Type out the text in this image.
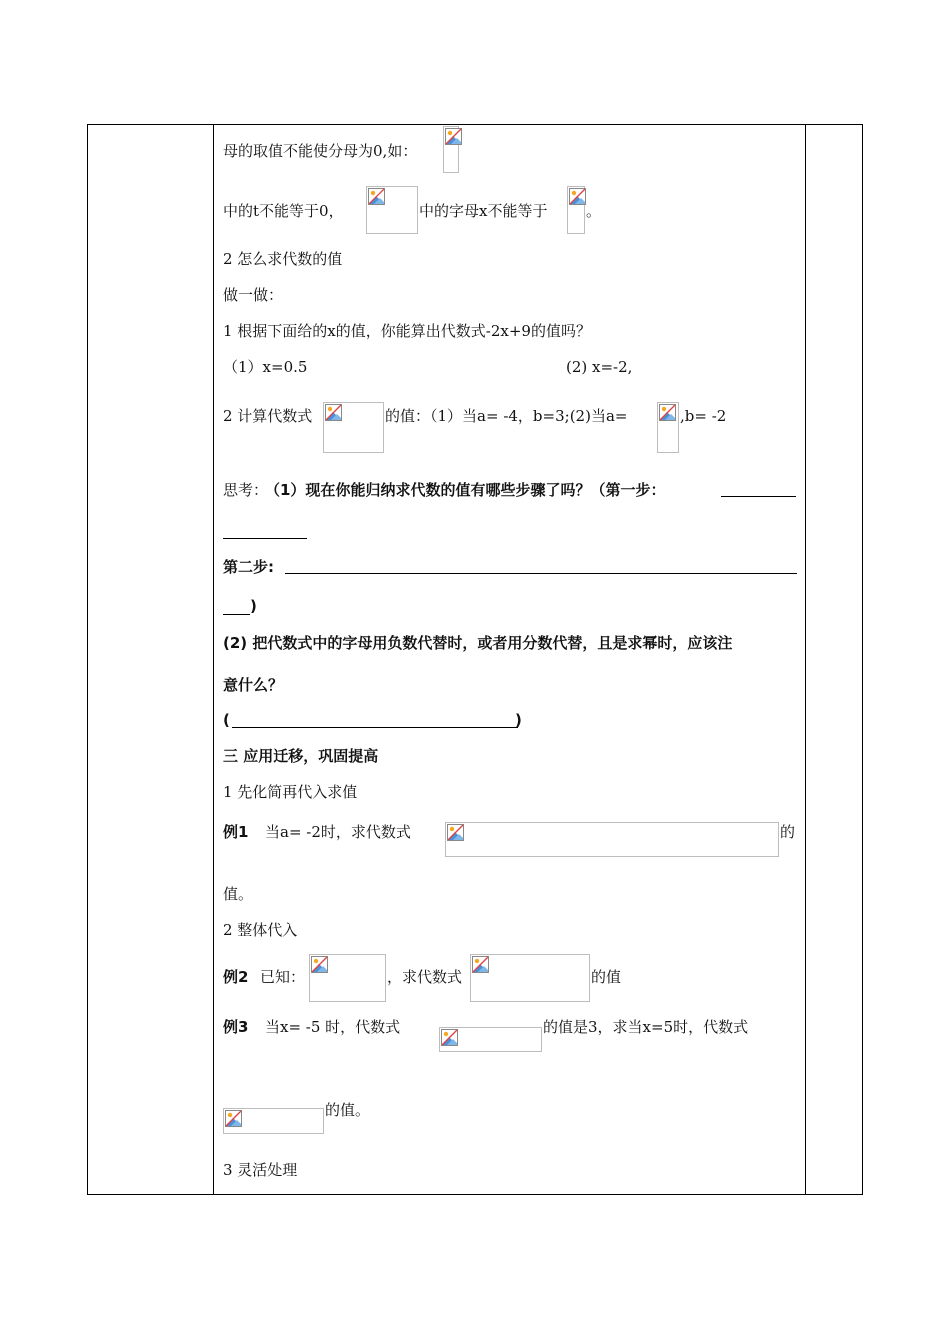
母的取值不能使分母为0,如：
中的t不能等于0，	中的字母x不能等于	。
2 怎么求代数的值
做一做：
1 根据下面给的x的值，你能算出代数式-2x+9的值吗？
（1）x=0.5	(2) x=-2,
2 计算代数式	的值：（1）当a= -4，b=3;(2)当a=	,b= -2
思考：
（1）现在你能归纳求代数的值有哪些步骤了吗？（第一步：
第二步:
)
(2) 把代数式中的字母用负数代替时，或者用分数代替，且是求幂时，应该注
意什么？
(	)
三 应用迁移，巩固提高
1 先化简再代入求值
例1 当a= -2时，求代数式	的
值。
2 整体代入
例2 已知：	，求代数式	的值
例3 当x= -5 时，代数式	的值是3，求当x=5时，代数式
的值。
3 灵活处理
